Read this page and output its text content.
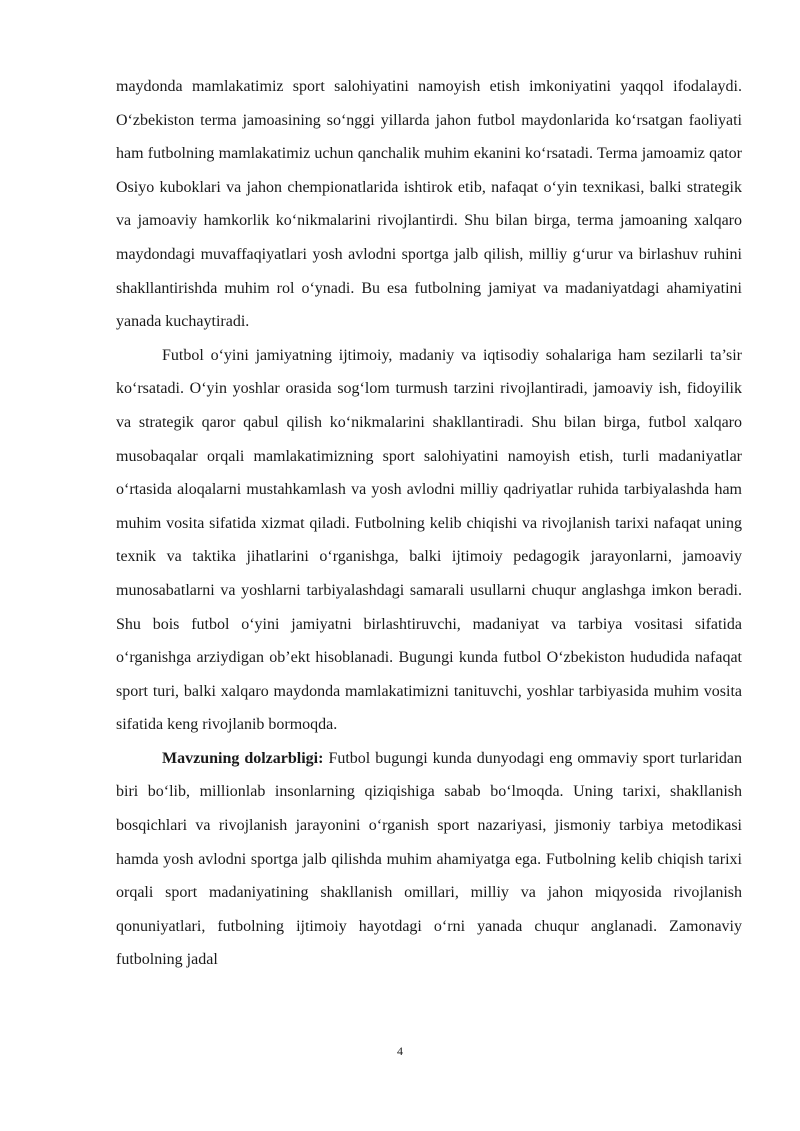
maydonda mamlakatimiz sport salohiyatini namoyish etish imkoniyatini yaqqol ifodalaydi. O‘zbekiston terma jamoasining so‘nggi yillarda jahon futbol maydonlarida ko‘rsatgan faoliyati ham futbolning mamlakatimiz uchun qanchalik muhim ekanini ko‘rsatadi. Terma jamoamiz qator Osiyo kuboklari va jahon chempionatlarida ishtirok etib, nafaqat o‘yin texnikasi, balki strategik va jamoaviy hamkorlik ko‘nikmalarini rivojlantirdi. Shu bilan birga, terma jamoaning xalqaro maydondagi muvaffaqiyatlari yosh avlodni sportga jalb qilish, milliy g‘urur va birlashuv ruhini shakllantirishda muhim rol o‘ynadi. Bu esa futbolning jamiyat va madaniyatdagi ahamiyatini yanada kuchaytiradi.

Futbol o‘yini jamiyatning ijtimoiy, madaniy va iqtisodiy sohalariga ham sezilarli ta’sir ko‘rsatadi. O‘yin yoshlar orasida sog‘lom turmush tarzini rivojlantiradi, jamoaviy ish, fidoyilik va strategik qaror qabul qilish ko‘nikmalarini shakllantiradi. Shu bilan birga, futbol xalqaro musobaqalar orqali mamlakatimizning sport salohiyatini namoyish etish, turli madaniyatlar o‘rtasida aloqalarni mustahkamlash va yosh avlodni milliy qadriyatlar ruhida tarbiyalashda ham muhim vosita sifatida xizmat qiladi. Futbolning kelib chiqishi va rivojlanish tarixi nafaqat uning texnik va taktika jihatlarini o‘rganishga, balki ijtimoiy pedagogik jarayonlarni, jamoaviy munosabatlarni va yoshlarni tarbiyalashdagi samarali usullarni chuqur anglashga imkon beradi. Shu bois futbol o‘yini jamiyatni birlashtiruvchi, madaniyat va tarbiya vositasi sifatida o‘rganishga arziydigan ob’ekt hisoblanadi. Bugungi kunda futbol O‘zbekiston hududida nafaqat sport turi, balki xalqaro maydonda mamlakatimizni tanituvchi, yoshlar tarbiyasida muhim vosita sifatida keng rivojlanib bormoqda.

Mavzuning dolzarbligi: Futbol bugungi kunda dunyodagi eng ommaviy sport turlaridan biri bo‘lib, millionlab insonlarning qiziqishiga sabab bo‘lmoqda. Uning tarixi, shakllanish bosqichlari va rivojlanish jarayonini o‘rganish sport nazariyasi, jismoniy tarbiya metodikasi hamda yosh avlodni sportga jalb qilishda muhim ahamiyatga ega. Futbolning kelib chiqish tarixi orqali sport madaniyatining shakllanish omillari, milliy va jahon miqyosida rivojlanish qonuniyatlari, futbolning ijtimoiy hayotdagi o‘rni yanada chuqur anglanadi. Zamonaviy futbolning jadal

4
